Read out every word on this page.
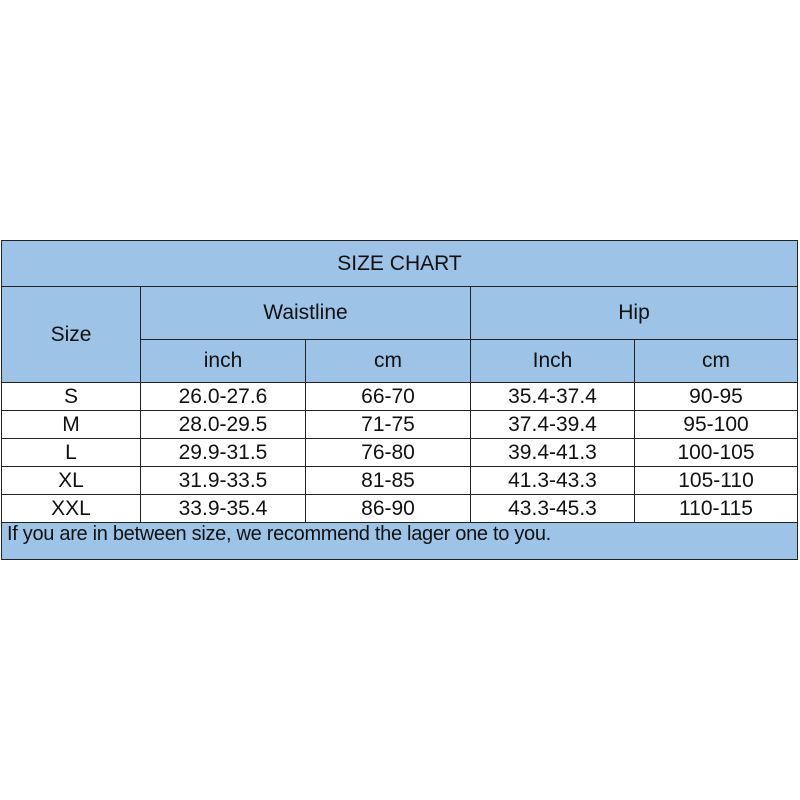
SIZE CHART
Size
Waistline	Hip
inch	cm	Inch	cm
S	26.0-27.6	66-70	35.4-37.4	90-95
M	28.0-29.5	71-75	37.4-39.4	95-100
L	29.9-31.5	76-80	39.4-41.3	100-105
XL	31.9-33.5	81-85	41.3-43.3	105-110
XXL	33.9-35.4	86-90	43.3-45.3	110-115
If you are in between size, we recommend the lager one to you.
